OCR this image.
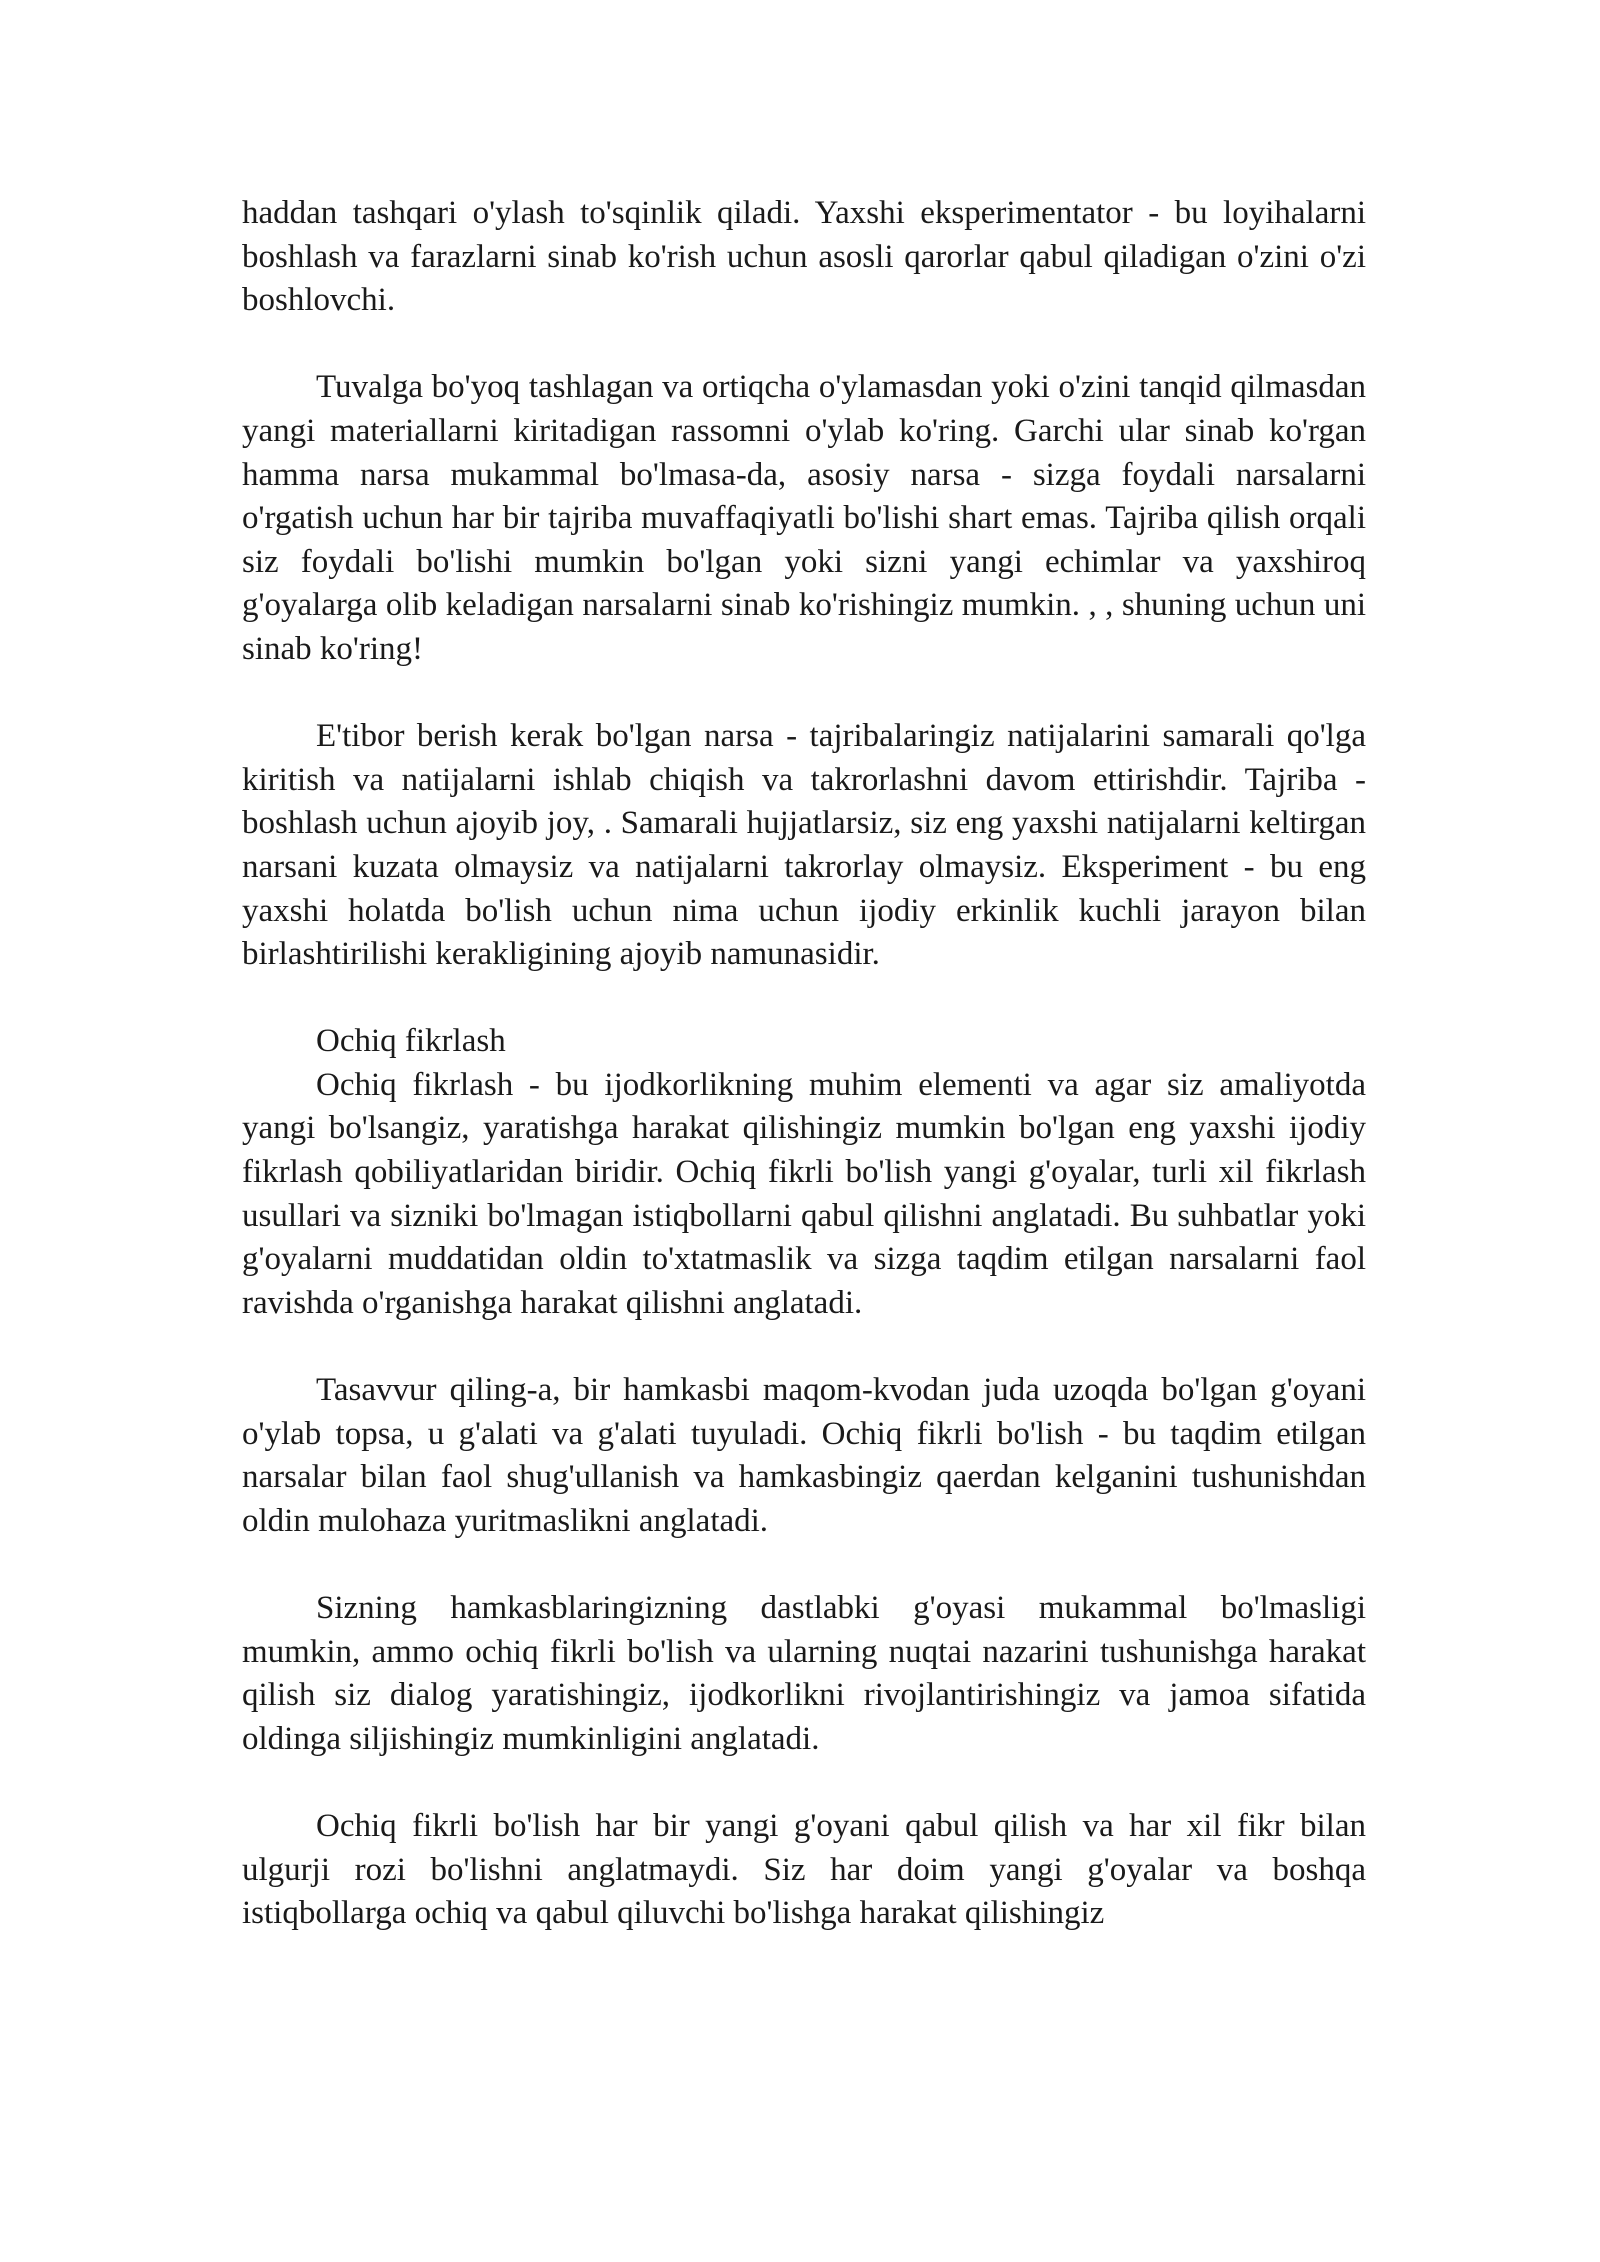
haddan tashqari o'ylash to'sqinlik qiladi. Yaxshi eksperimentator - bu loyihalarni boshlash va farazlarni sinab ko'rish uchun asosli qarorlar qabul qiladigan o'zini o'zi boshlovchi.

Tuvalga bo'yoq tashlagan va ortiqcha o'ylamasdan yoki o'zini tanqid qilmasdan yangi materiallarni kiritadigan rassomni o'ylab ko'ring. Garchi ular sinab ko'rgan hamma narsa mukammal bo'lmasa-da, asosiy narsa - sizga foydali narsalarni o'rgatish uchun har bir tajriba muvaffaqiyatli bo'lishi shart emas. Tajriba qilish orqali siz foydali bo'lishi mumkin bo'lgan yoki sizni yangi echimlar va yaxshiroq g'oyalarga olib keladigan narsalarni sinab ko'rishingiz mumkin. , , shuning uchun uni sinab ko'ring!

E'tibor berish kerak bo'lgan narsa - tajribalaringiz natijalarini samarali qo'lga kiritish va natijalarni ishlab chiqish va takrorlashni davom ettirishdir. Tajriba - boshlash uchun ajoyib joy, . Samarali hujjatlarsiz, siz eng yaxshi natijalarni keltirgan narsani kuzata olmaysiz va natijalarni takrorlay olmaysiz. Eksperiment - bu eng yaxshi holatda bo'lish uchun nima uchun ijodiy erkinlik kuchli jarayon bilan birlashtirilishi kerakligining ajoyib namunasidir.

Ochiq fikrlash

Ochiq fikrlash - bu ijodkorlikning muhim elementi va agar siz amaliyotda yangi bo'lsangiz, yaratishga harakat qilishingiz mumkin bo'lgan eng yaxshi ijodiy fikrlash qobiliyatlaridan biridir. Ochiq fikrli bo'lish yangi g'oyalar, turli xil fikrlash usullari va sizniki bo'lmagan istiqbollarni qabul qilishni anglatadi. Bu suhbatlar yoki g'oyalarni muddatidan oldin to'xtatmaslik va sizga taqdim etilgan narsalarni faol ravishda o'rganishga harakat qilishni anglatadi.

Tasavvur qiling-a, bir hamkasbi maqom-kvodan juda uzoqda bo'lgan g'oyani o'ylab topsa, u g'alati va g'alati tuyuladi. Ochiq fikrli bo'lish - bu taqdim etilgan narsalar bilan faol shug'ullanish va hamkasbingiz qaerdan kelganini tushunishdan oldin mulohaza yuritmaslikni anglatadi.

Sizning hamkasblaringizning dastlabki g'oyasi mukammal bo'lmasligi mumkin, ammo ochiq fikrli bo'lish va ularning nuqtai nazarini tushunishga harakat qilish siz dialog yaratishingiz, ijodkorlikni rivojlantirishingiz va jamoa sifatida oldinga siljishingiz mumkinligini anglatadi.

Ochiq fikrli bo'lish har bir yangi g'oyani qabul qilish va har xil fikr bilan ulgurji rozi bo'lishni anglatmaydi. Siz har doim yangi g'oyalar va boshqa istiqbollarga ochiq va qabul qiluvchi bo'lishga harakat qilishingiz
